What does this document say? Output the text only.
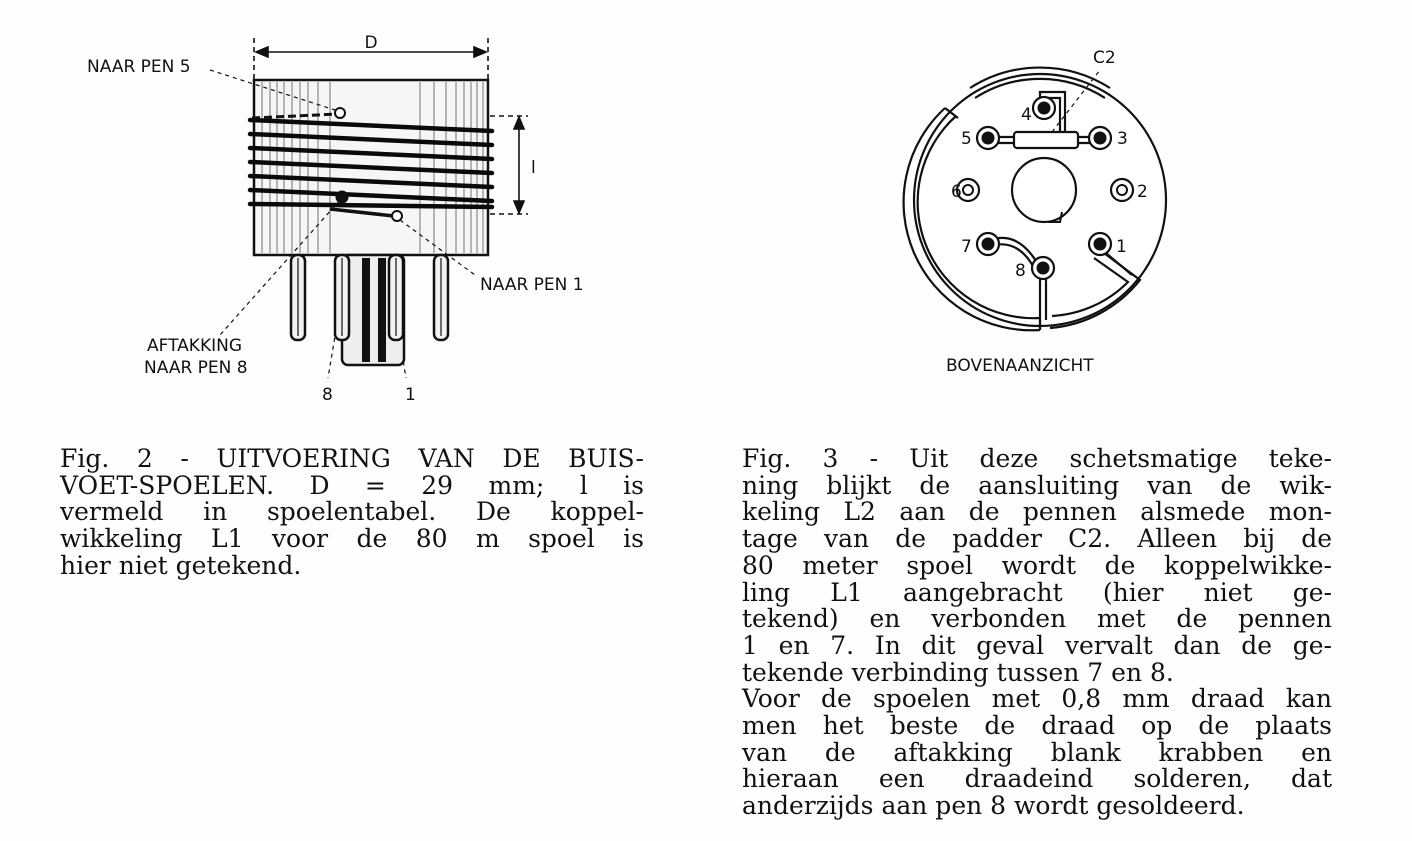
D
l
NAAR PEN 5
NAAR PEN 1
AFTAKKING
NAAR PEN 8
8	1
4
5	3
6	2
7	1
8
C2
BOVENAANZICHT
Fig. 2 - UITVOERING VAN DE BUIS-
VOET-SPOELEN. D = 29 mm; l is
vermeld in spoelentabel. De koppel-
wikkeling L1 voor de 80 m spoel is
hier niet getekend.
Fig. 3 - Uit deze schetsmatige teke-
ning blijkt de aansluiting van de wik-
keling L2 aan de pennen alsmede mon-
tage van de padder C2. Alleen bij de
80 meter spoel wordt de koppelwikke-
ling L1 aangebracht (hier niet ge-
tekend) en verbonden met de pennen
1 en 7. In dit geval vervalt dan de ge-
tekende verbinding tussen 7 en 8.
Voor de spoelen met 0,8 mm draad kan
men het beste de draad op de plaats
van de aftakking blank krabben en
hieraan een draadeind solderen, dat
anderzijds aan pen 8 wordt gesoldeerd.
